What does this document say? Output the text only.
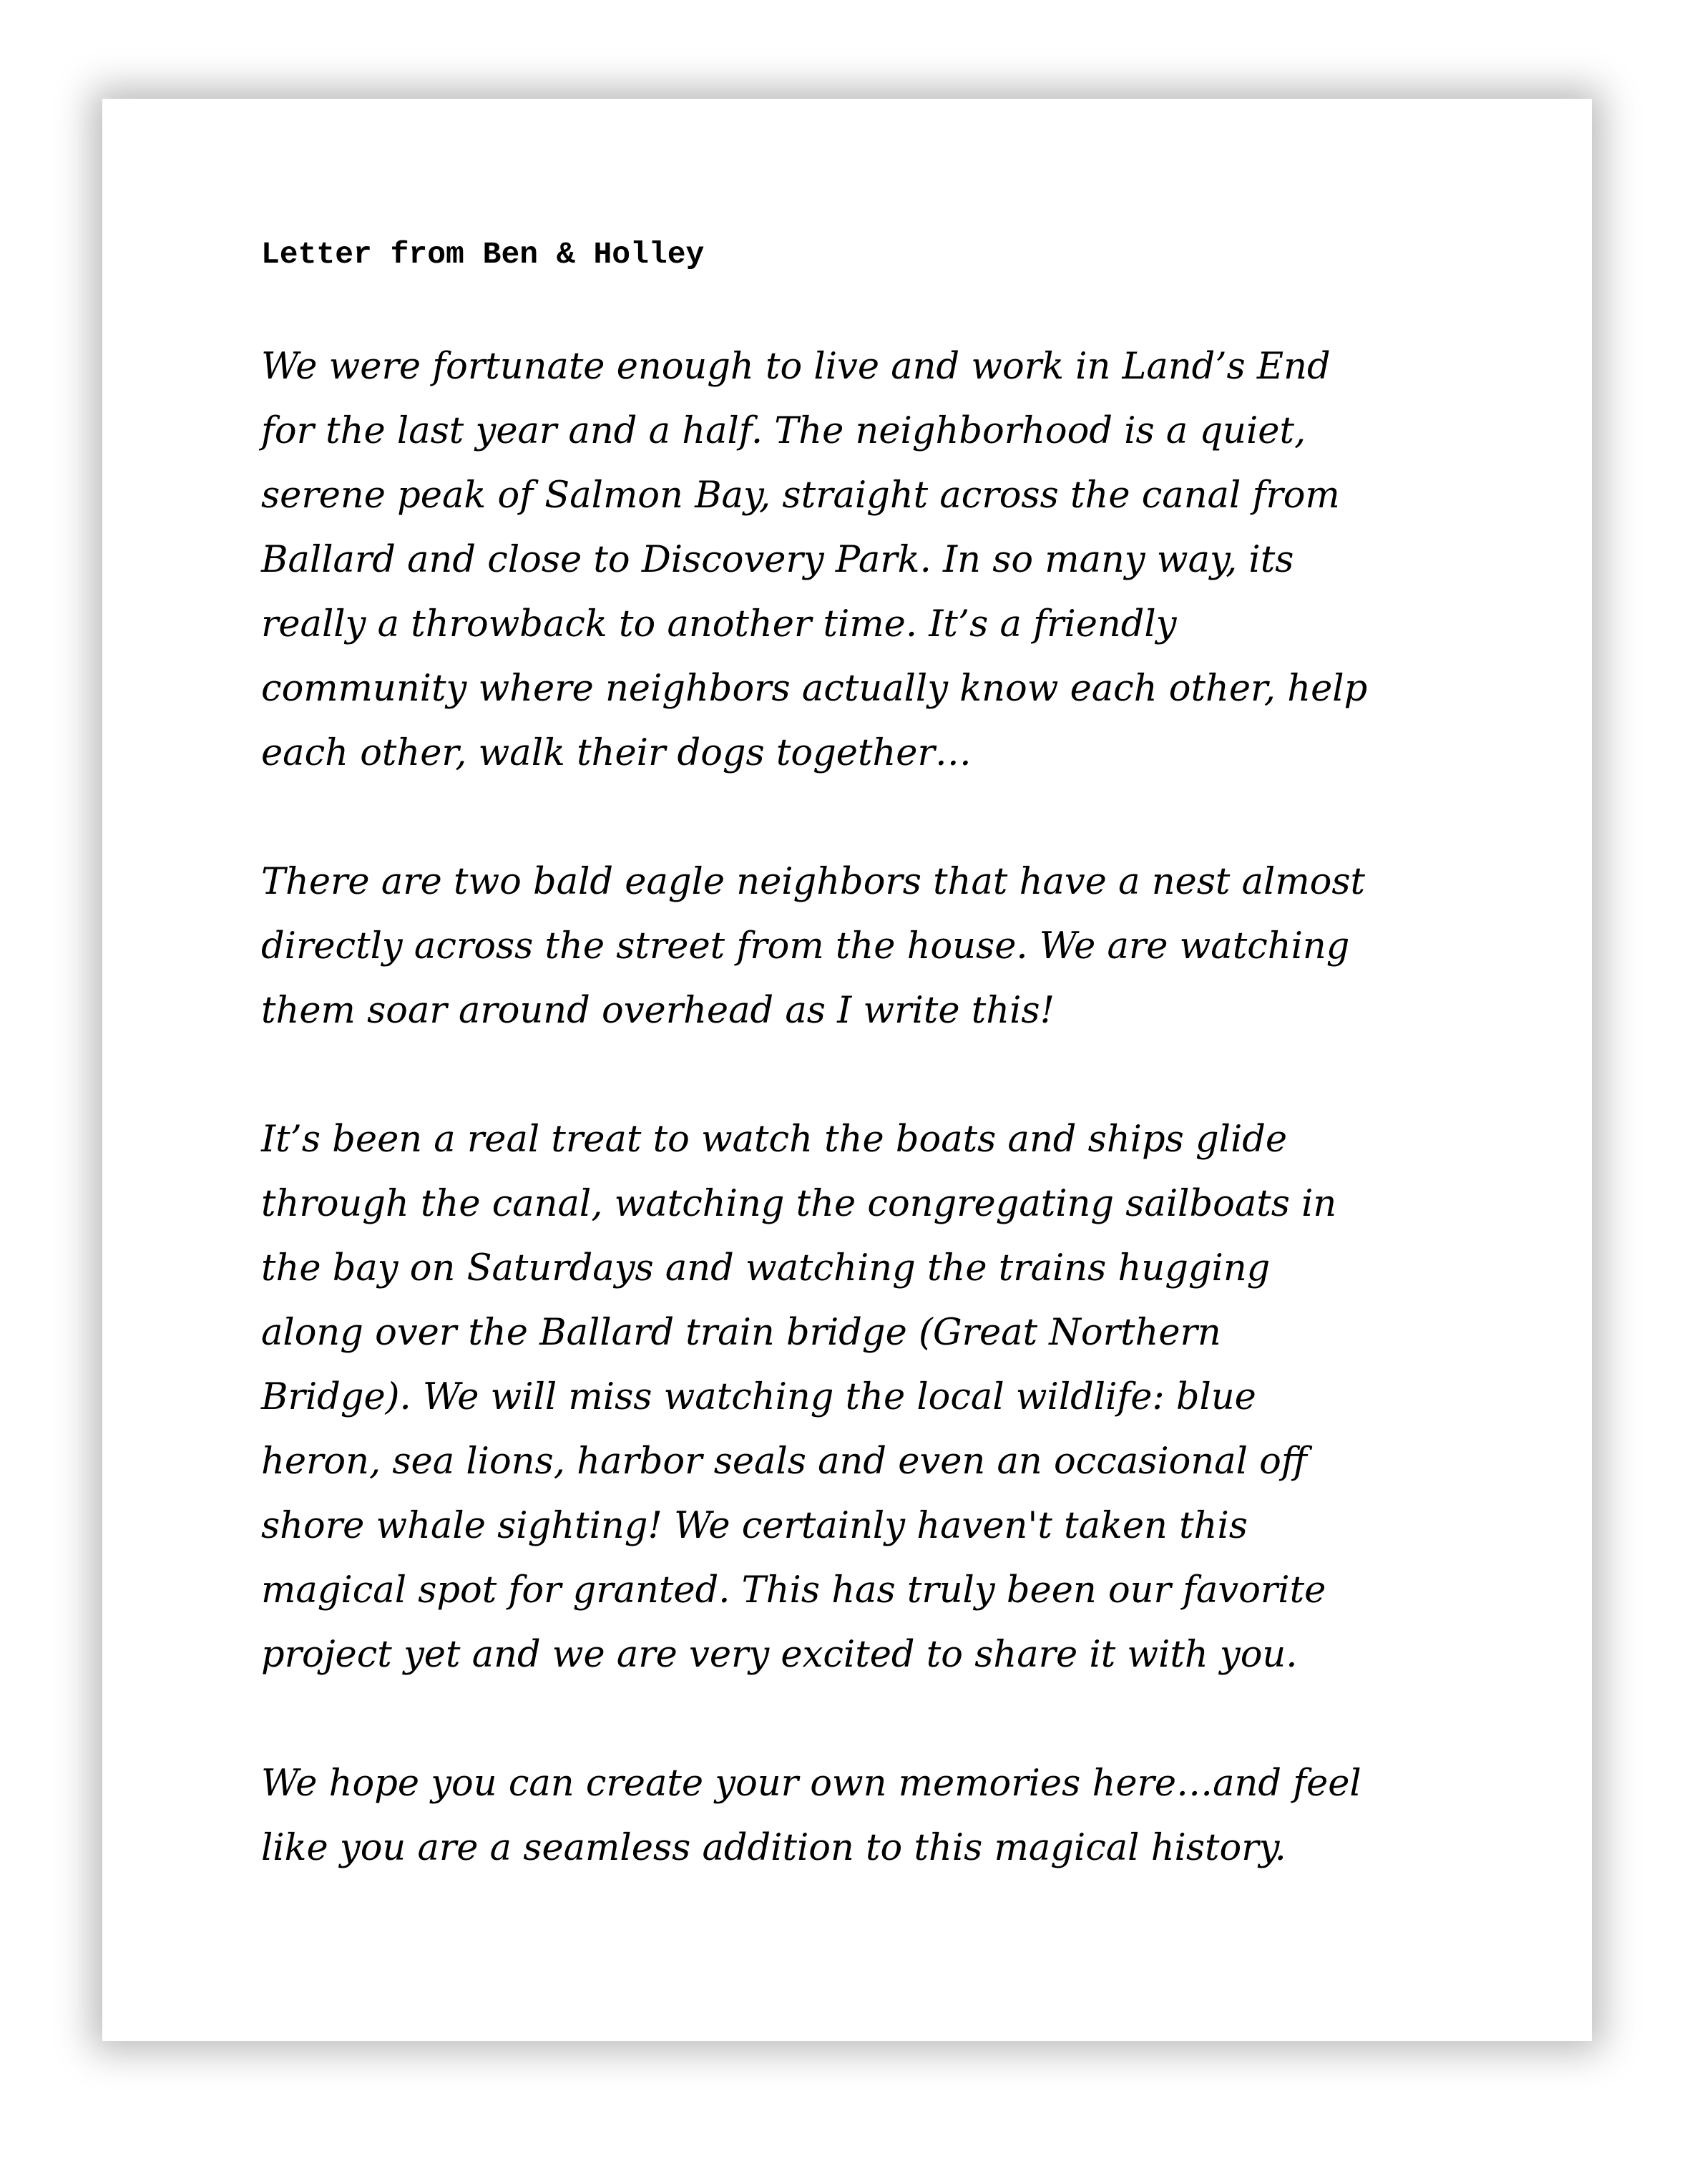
Letter from Ben & Holley

We were fortunate enough to live and work in Land’s End
for the last year and a half. The neighborhood is a quiet,
serene peak of Salmon Bay, straight across the canal from
Ballard and close to Discovery Park. In so many way, its
really a throwback to another time. It’s a friendly
community where neighbors actually know each other, help
each other, walk their dogs together…

There are two bald eagle neighbors that have a nest almost
directly across the street from the house. We are watching
them soar around overhead as I write this!

It’s been a real treat to watch the boats and ships glide
through the canal, watching the congregating sailboats in
the bay on Saturdays and watching the trains hugging
along over the Ballard train bridge (Great Northern
Bridge). We will miss watching the local wildlife: blue
heron, sea lions, harbor seals and even an occasional off
shore whale sighting! We certainly haven't taken this
magical spot for granted. This has truly been our favorite
project yet and we are very excited to share it with you.

We hope you can create your own memories here…and feel
like you are a seamless addition to this magical history.
